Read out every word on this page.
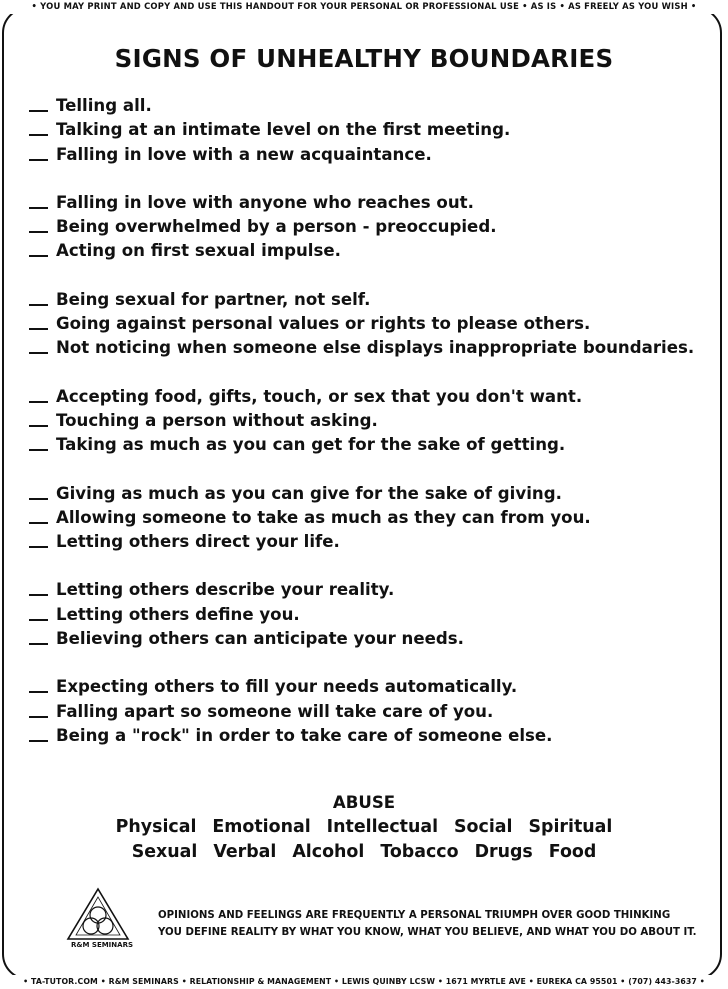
• YOU MAY PRINT AND COPY AND USE THIS HANDOUT FOR YOUR PERSONAL OR PROFESSIONAL USE • AS IS • AS FREELY AS YOU WISH •
SIGNS OF UNHEALTHY BOUNDARIES
Telling all.
Talking at an intimate level on the first meeting.
Falling in love with a new acquaintance.
Falling in love with anyone who reaches out.
Being overwhelmed by a person - preoccupied.
Acting on first sexual impulse.
Being sexual for partner, not self.
Going against personal values or rights to please others.
Not noticing when someone else displays inappropriate boundaries.
Accepting food, gifts, touch, or sex that you don't want.
Touching a person without asking.
Taking as much as you can get for the sake of getting.
Giving as much as you can give for the sake of giving.
Allowing someone to take as much as they can from you.
Letting others direct your life.
Letting others describe your reality.
Letting others define you.
Believing others can anticipate your needs.
Expecting others to fill your needs automatically.
Falling apart so someone will take care of you.
Being a "rock" in order to take care of someone else.
ABUSE
Physical Emotional Intellectual Social Spiritual
Sexual Verbal Alcohol Tobacco Drugs Food
R&M SEMINARS
OPINIONS AND FEELINGS ARE FREQUENTLY A PERSONAL TRIUMPH OVER GOOD THINKING
YOU DEFINE REALITY BY WHAT YOU KNOW, WHAT YOU BELIEVE, AND WHAT YOU DO ABOUT IT.
• TA-TUTOR.COM • R&M SEMINARS • RELATIONSHIP & MANAGEMENT • LEWIS QUINBY LCSW • 1671 MYRTLE AVE • EUREKA CA 95501 • (707) 443-3637 •
